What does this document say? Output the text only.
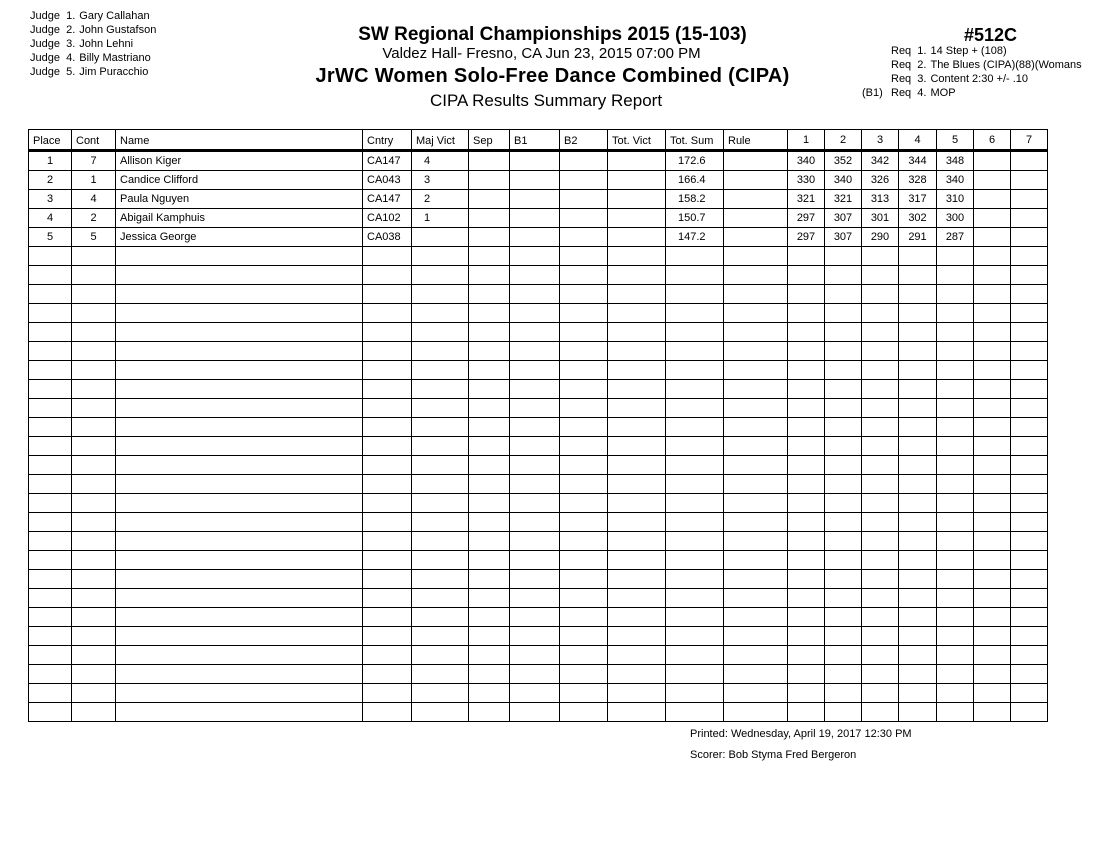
Judge  1. Gary Callahan
Judge  2. John Gustafson
Judge  3. John Lehni
Judge  4. Billy Mastriano
Judge  5. Jim Puracchio
SW Regional Championships 2015 (15-103)
Valdez Hall- Fresno, CA Jun 23, 2015 07:00 PM
JrWC Women Solo-Free Dance Combined (CIPA)
CIPA Results Summary Report
#512C
Req  1. 14 Step + (108)
Req  2. The Blues (CIPA)(88)(Womans
Req  3. Content 2:30 +/- .10
(B1) Req  4. MOP
Place	Cont	Name	Cntry	Maj Vict	Sep	B1	B2	Tot. Vict	Tot. Sum	Rule	1	2	3	4	5	6	7
1	7	Allison Kiger	CA147	4					172.6		340	352	342	344	348		
2	1	Candice Clifford	CA043	3					166.4		330	340	326	328	340		
3	4	Paula Nguyen	CA147	2					158.2		321	321	313	317	310		
4	2	Abigail Kamphuis	CA102	1					150.7		297	307	301	302	300		
5	5	Jessica George	CA038						147.2		297	307	290	291	287		

Printed: Wednesday, April 19, 2017 12:30 PM
Scorer: Bob Styma Fred Bergeron
